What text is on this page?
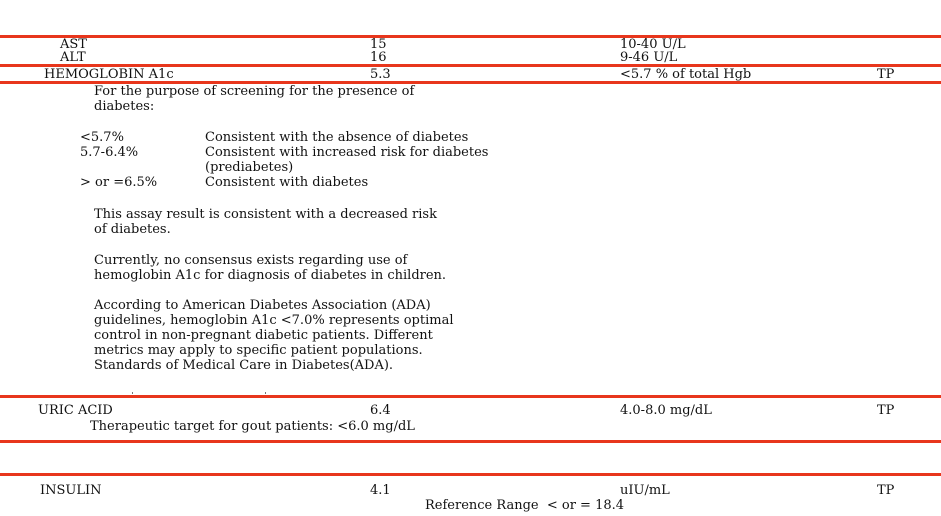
AST	15	10-40 U/L
ALT	16	9-46 U/L
HEMOGLOBIN A1c	5.3	<5.7 % of total Hgb	TP
For the purpose of screening for the presence of
diabetes:
<5.7%	Consistent with the absence of diabetes
5.7-6.4%	Consistent with increased risk for diabetes
(prediabetes)
> or =6.5%	Consistent with diabetes
This assay result is consistent with a decreased risk
of diabetes.
Currently, no consensus exists regarding use of
hemoglobin A1c for diagnosis of diabetes in children.
According to American Diabetes Association (ADA)
guidelines, hemoglobin A1c <7.0% represents optimal
control in non-pregnant diabetic patients. Different
metrics may apply to specific patient populations.
Standards of Medical Care in Diabetes(ADA).
URIC ACID	6.4	4.0-8.0 mg/dL	TP
Therapeutic target for gout patients: <6.0 mg/dL
INSULIN	4.1	uIU/mL	TP
Reference Range  < or = 18.4
